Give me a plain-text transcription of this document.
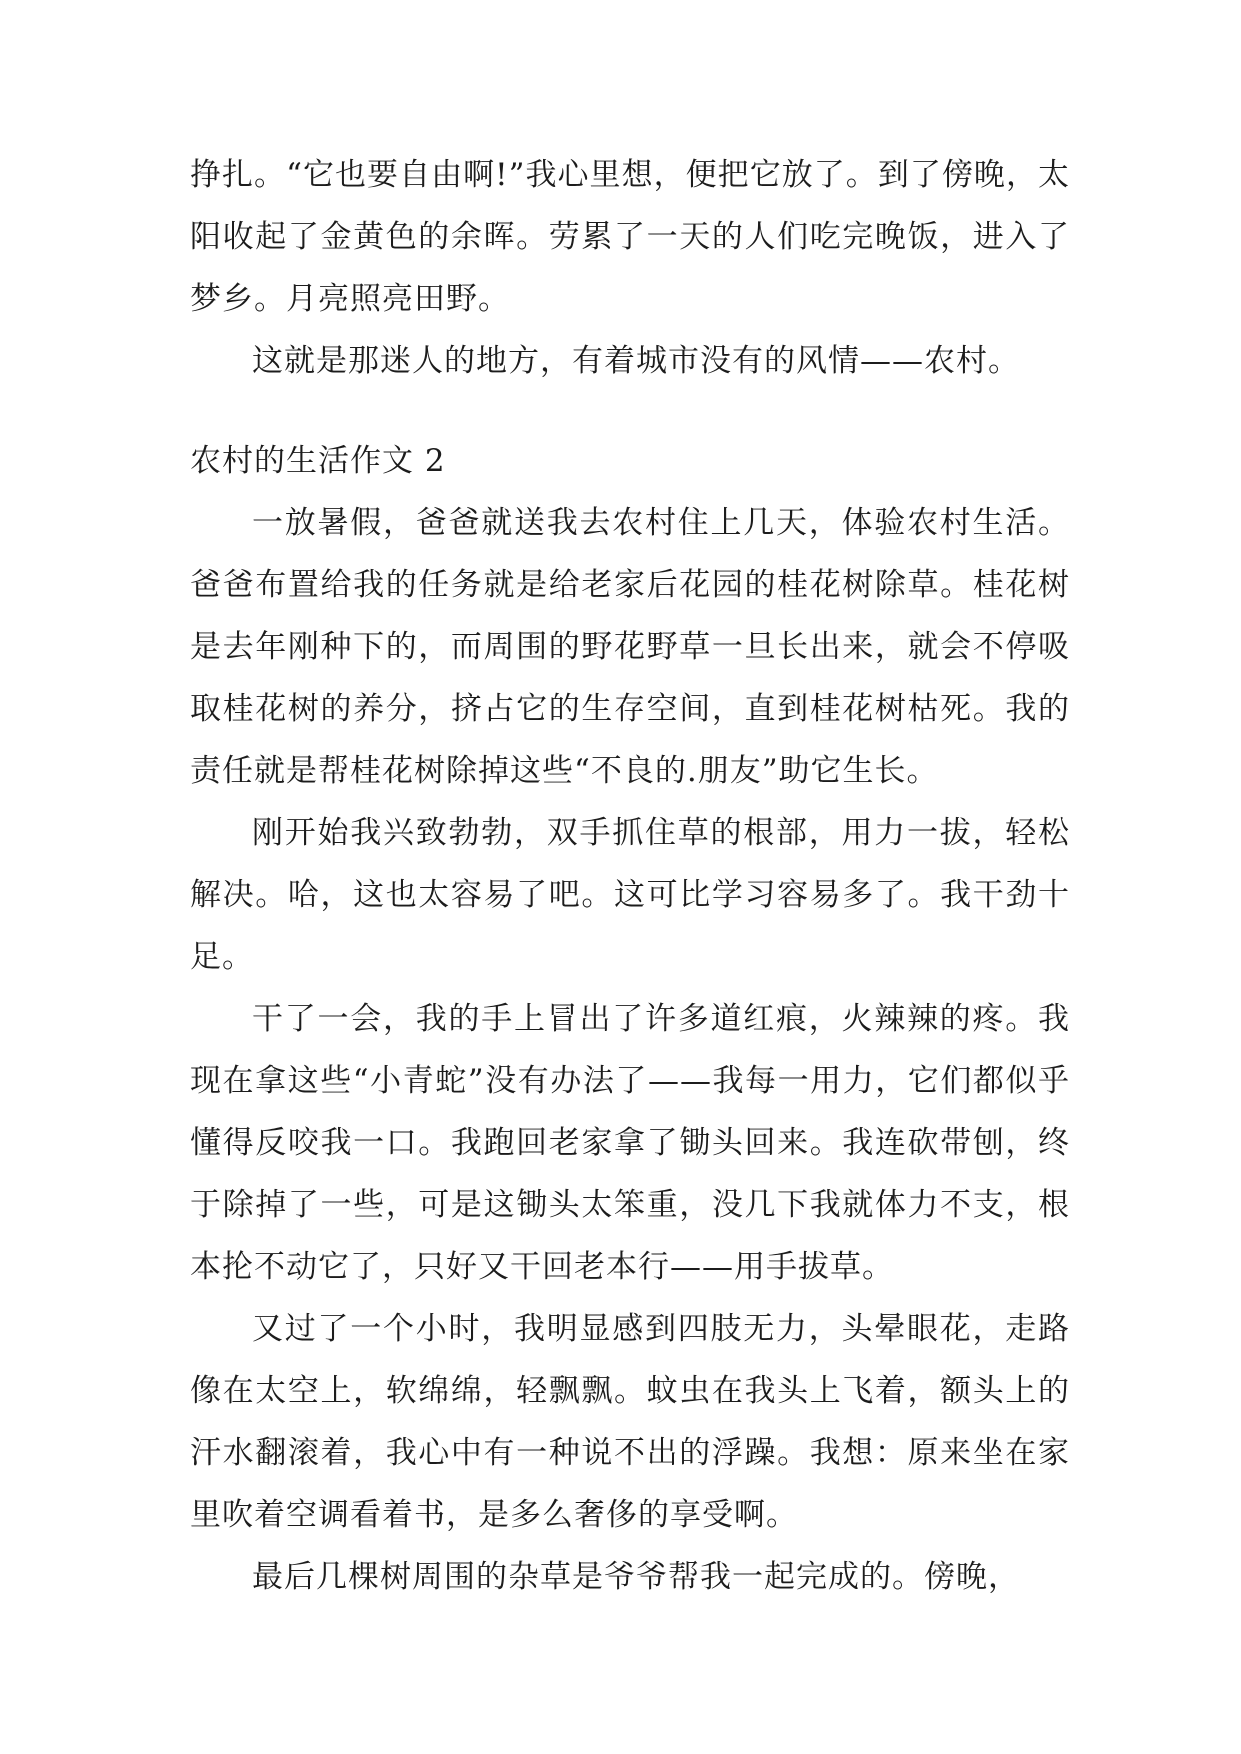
挣扎。“它也要自由啊!”我心里想，便把它放了。到了傍晚，太阳收起了金黄色的余晖。劳累了一天的人们吃完晚饭，进入了梦乡。月亮照亮田野。

这就是那迷人的地方，有着城市没有的风情——农村。

农村的生活作文 2

一放暑假，爸爸就送我去农村住上几天，体验农村生活。爸爸布置给我的任务就是给老家后花园的桂花树除草。桂花树是去年刚种下的，而周围的野花野草一旦长出来，就会不停吸取桂花树的养分，挤占它的生存空间，直到桂花树枯死。我的责任就是帮桂花树除掉这些“不良的.朋友”助它生长。

刚开始我兴致勃勃，双手抓住草的根部，用力一拔，轻松解决。哈，这也太容易了吧。这可比学习容易多了。我干劲十足。

干了一会，我的手上冒出了许多道红痕，火辣辣的疼。我现在拿这些“小青蛇”没有办法了——我每一用力，它们都似乎懂得反咬我一口。我跑回老家拿了锄头回来。我连砍带刨，终于除掉了一些，可是这锄头太笨重，没几下我就体力不支，根本抡不动它了，只好又干回老本行——用手拔草。

又过了一个小时，我明显感到四肢无力，头晕眼花，走路像在太空上，软绵绵，轻飘飘。蚊虫在我头上飞着，额头上的汗水翻滚着，我心中有一种说不出的浮躁。我想：原来坐在家里吹着空调看着书，是多么奢侈的享受啊。

最后几棵树周围的杂草是爷爷帮我一起完成的。傍晚，
